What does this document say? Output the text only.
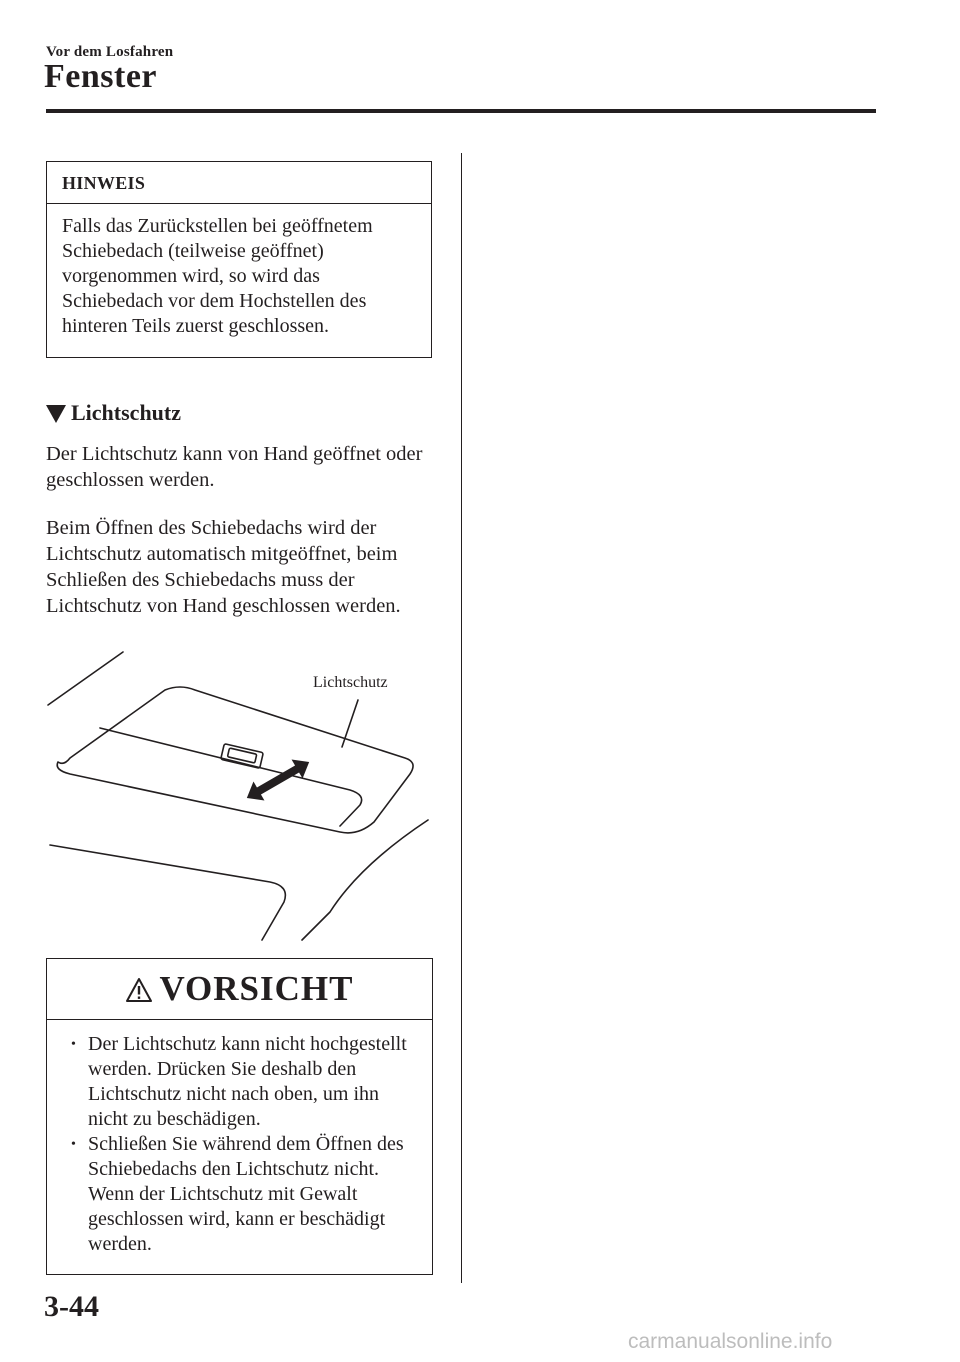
Vor dem Losfahren
Fenster
HINWEIS
Falls das Zurückstellen bei geöffnetem Schiebedach (teilweise geöffnet) vorgenommen wird, so wird das Schiebedach vor dem Hochstellen des hinteren Teils zuerst geschlossen.
Lichtschutz
Der Lichtschutz kann von Hand geöffnet oder geschlossen werden.
Beim Öffnen des Schiebedachs wird der Lichtschutz automatisch mitgeöffnet, beim Schließen des Schiebedachs muss der Lichtschutz von Hand geschlossen werden.
Lichtschutz
VORSICHT
• Der Lichtschutz kann nicht hochgestellt werden. Drücken Sie deshalb den Lichtschutz nicht nach oben, um ihn nicht zu beschädigen.
• Schließen Sie während dem Öffnen des Schiebedachs den Lichtschutz nicht. Wenn der Lichtschutz mit Gewalt geschlossen wird, kann er beschädigt werden.
3-44
carmanualsonline.info
